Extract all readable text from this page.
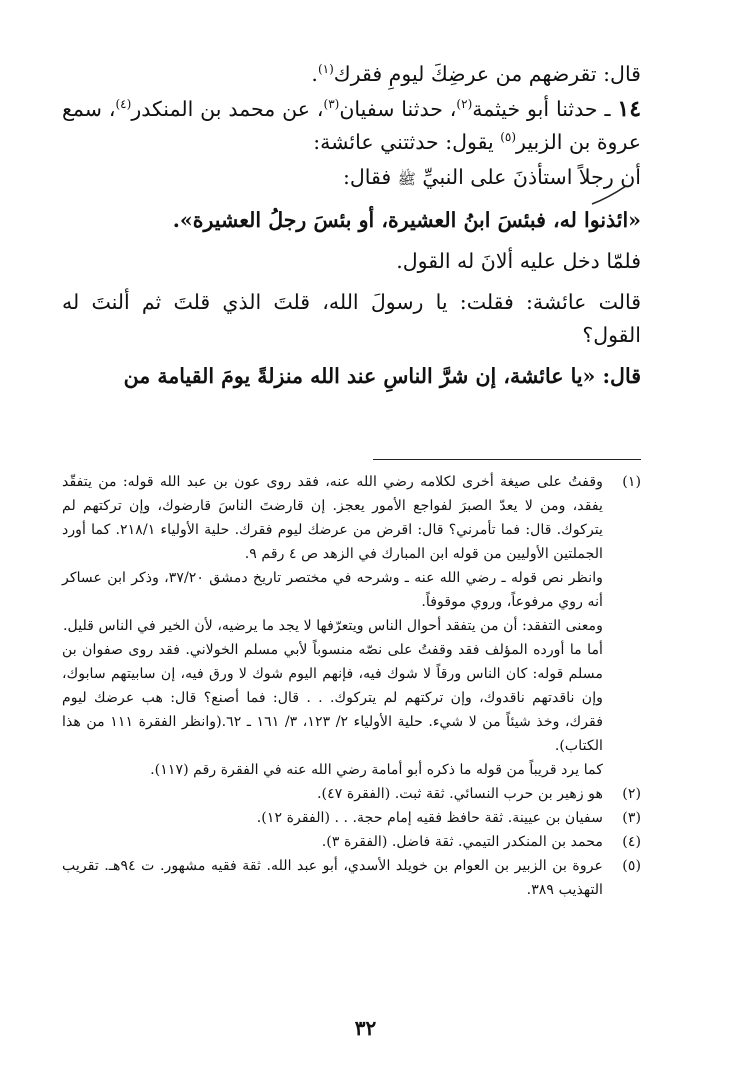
قال: تقرضهم من عرضِكَ ليومِ فقرك$^{(١)}$.

١٤ ـ حدثنا أبو خيثمة$^{(٢)}$، حدثنا سفيان$^{(٣)}$، عن محمد بن المنكدر$^{(٤)}$، سمع عروة بن الزبير$^{(٥)}$ يقول: حدثتني عائشة:

أن رجلاً استأذنَ على النبيِّ ﷺ فقال:

«ائذنوا له، فبئسَ ابنُ العشيرة، أو بئسَ رجلُ العشيرة».

فلمّا دخل عليه ألانَ له القول.

قالت عائشة: فقلت: يا رسولَ الله، قلتَ الذي قلتَ ثم ألنتَ له القول؟

قال: «يا عائشة، إن شرَّ الناسِ عند الله منزلةً يومَ القيامة من

(١)

وقفتُ على صيغة أخرى لكلامه رضي الله عنه، فقد روى عون بن عبد الله قوله: من يتفقّد يفقد، ومن لا يعدّ الصبرَ لفواجع الأمور يعجز. إن قارضتَ الناسَ قارضوك، وإن تركتهم لم يتركوك. قال: فما تأمرني؟ قال: اقرض من عرضك ليوم فقرك. حلية الأولياء ٢١٨/١. كما أورد الجملتين الأوليين من قوله ابن المبارك في الزهد ص ٤ رقم ٩.

وانظر نص قوله ـ رضي الله عنه ـ وشرحه في مختصر تاريخ دمشق ٣٧/٢٠، وذكر ابن عساكر أنه روي مرفوعاً، وروي موقوفاً.

ومعنى التفقد: أن من يتفقد أحوال الناس ويتعرّفها لا يجد ما يرضيه، لأن الخير في الناس قليل.

أما ما أورده المؤلف فقد وقفتُ على نصّه منسوباً لأبي مسلم الخولاني. فقد روى صفوان بن مسلم قوله: كان الناس ورقاً لا شوك فيه، فإنهم اليوم شوك لا ورق فيه، إن سابيتهم سابوك، وإن ناقدتهم ناقدوك، وإن تركتهم لم يتركوك. . . قال: فما أصنع؟ قال: هب عرضك ليوم فقرك، وخذ شيئاً من لا شيء. حلية الأولياء ٢/ ١٢٣، ٣/ ١٦١ ـ ٦٢.(وانظر الفقرة ١١١ من هذا الكتاب).

كما يرد قريباً من قوله ما ذكره أبو أمامة رضي الله عنه في الفقرة رقم (١١٧).

(٢)

هو زهير بن حرب النسائي. ثقة ثبت. (الفقرة ٤٧).

(٣)

سفيان بن عيينة. ثقة حافظ فقيه إمام حجة. . . (الفقرة ١٢).

(٤)

محمد بن المنكدر التيمي. ثقة فاضل. (الفقرة ٣).

(٥)

عروة بن الزبير بن العوام بن خويلد الأسدي، أبو عبد الله. ثقة فقيه مشهور. ت ٩٤هـ. تقريب التهذيب ٣٨٩.

٣٢
